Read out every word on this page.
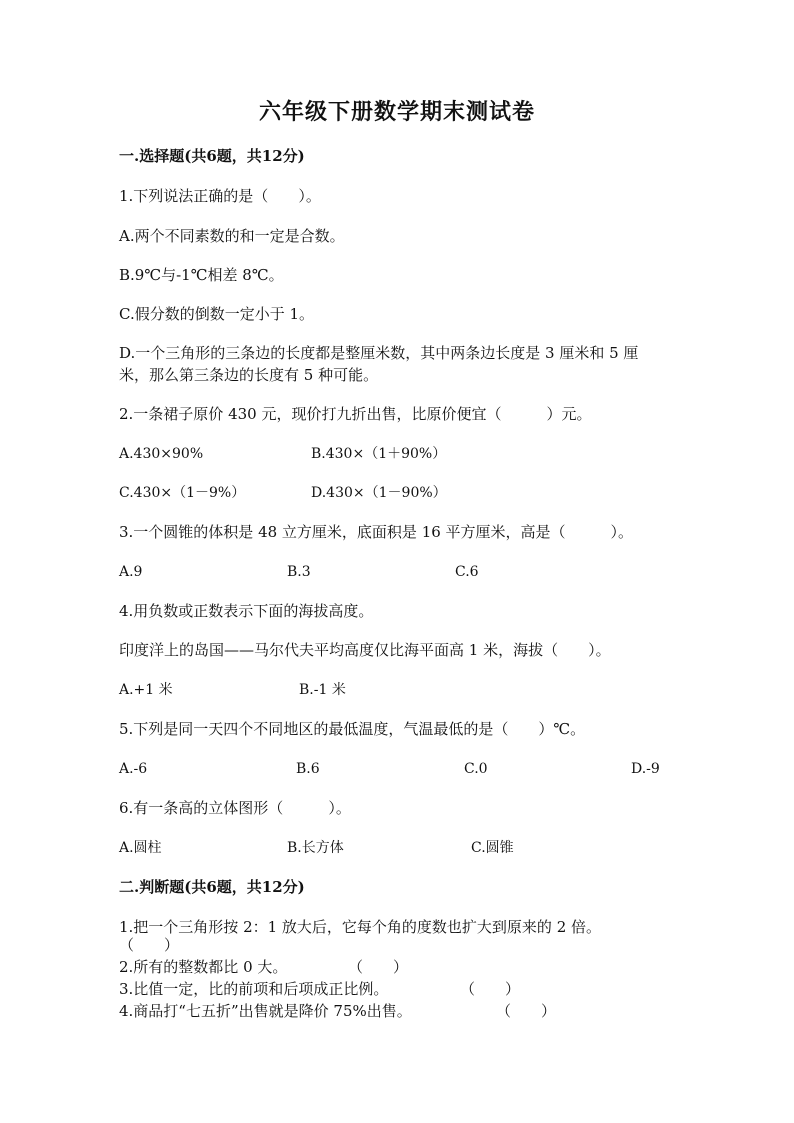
六年级下册数学期末测试卷
一.选择题(共6题，共12分)
1.下列说法正确的是（　　）。
A.两个不同素数的和一定是合数。
B.9℃与-1℃相差 8℃。
C.假分数的倒数一定小于 1。
D.一个三角形的三条边的长度都是整厘米数，其中两条边长度是 3 厘米和 5 厘
米，那么第三条边的长度有 5 种可能。
2.一条裙子原价 430 元，现价打九折出售，比原价便宜（　　　）元。
A.430×90%	B.430×（1＋90%）
C.430×（1－9%）	D.430×（1－90%）
3.一个圆锥的体积是 48 立方厘米，底面积是 16 平方厘米，高是（　　　）。
A.9	B.3	C.6
4.用负数或正数表示下面的海拔高度。
印度洋上的岛国——马尔代夫平均高度仅比海平面高 1 米，海拔（　　）。
A.+1 米	B.-1 米
5.下列是同一天四个不同地区的最低温度，气温最低的是（　　）℃。
A.-6	B.6	C.0	D.-9
6.有一条高的立体图形（　　　）。
A.圆柱	B.长方体	C.圆锥
二.判断题(共6题，共12分)
1.把一个三角形按 2：1 放大后，它每个角的度数也扩大到原来的 2 倍。
（　　）
2.所有的整数都比 0 大。	（　　）
3.比值一定，比的前项和后项成正比例。	（　　）
4.商品打“七五折”出售就是降价 75%出售。	（　　）
